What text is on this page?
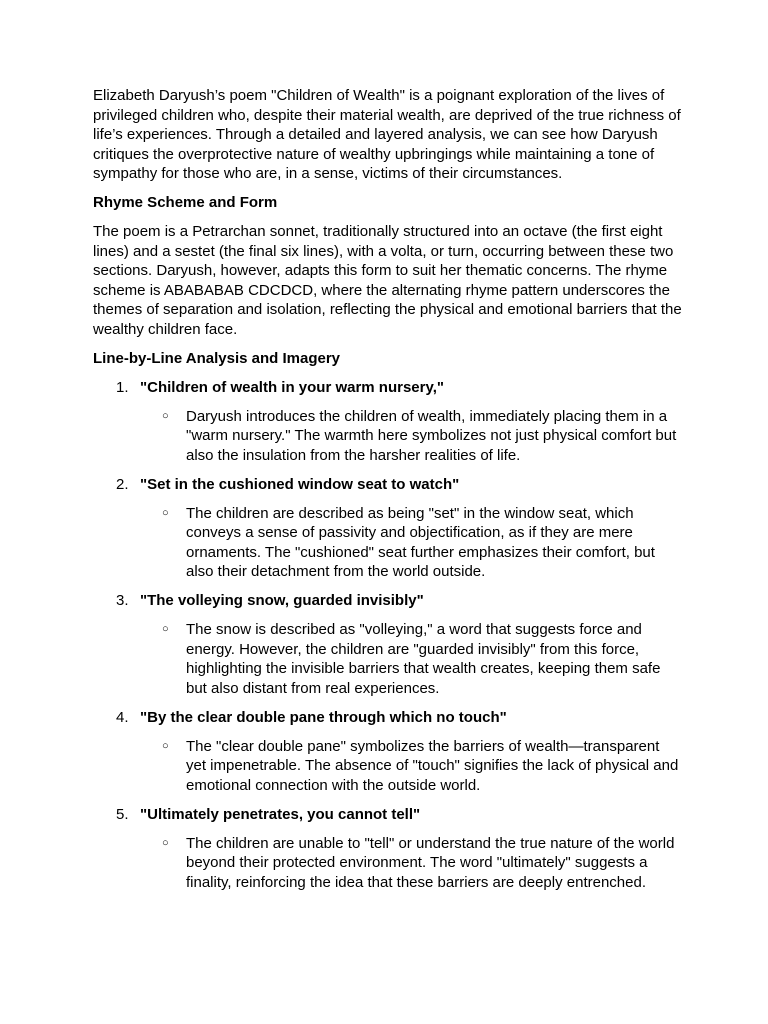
Elizabeth Daryush’s poem "Children of Wealth" is a poignant exploration of the lives of privileged children who, despite their material wealth, are deprived of the true richness of life’s experiences. Through a detailed and layered analysis, we can see how Daryush critiques the overprotective nature of wealthy upbringings while maintaining a tone of sympathy for those who are, in a sense, victims of their circumstances.

Rhyme Scheme and Form

The poem is a Petrarchan sonnet, traditionally structured into an octave (the first eight lines) and a sestet (the final six lines), with a volta, or turn, occurring between these two sections. Daryush, however, adapts this form to suit her thematic concerns. The rhyme scheme is ABABABAB CDCDCD, where the alternating rhyme pattern underscores the themes of separation and isolation, reflecting the physical and emotional barriers that the wealthy children face.

Line-by-Line Analysis and Imagery

1. "Children of wealth in your warm nursery,"
○ Daryush introduces the children of wealth, immediately placing them in a "warm nursery." The warmth here symbolizes not just physical comfort but also the insulation from the harsher realities of life.
2. "Set in the cushioned window seat to watch"
○ The children are described as being "set" in the window seat, which conveys a sense of passivity and objectification, as if they are mere ornaments. The "cushioned" seat further emphasizes their comfort, but also their detachment from the world outside.
3. "The volleying snow, guarded invisibly"
○ The snow is described as "volleying," a word that suggests force and energy. However, the children are "guarded invisibly" from this force, highlighting the invisible barriers that wealth creates, keeping them safe but also distant from real experiences.
4. "By the clear double pane through which no touch"
○ The "clear double pane" symbolizes the barriers of wealth—transparent yet impenetrable. The absence of "touch" signifies the lack of physical and emotional connection with the outside world.
5. "Ultimately penetrates, you cannot tell"
○ The children are unable to "tell" or understand the true nature of the world beyond their protected environment. The word "ultimately" suggests a finality, reinforcing the idea that these barriers are deeply entrenched.
